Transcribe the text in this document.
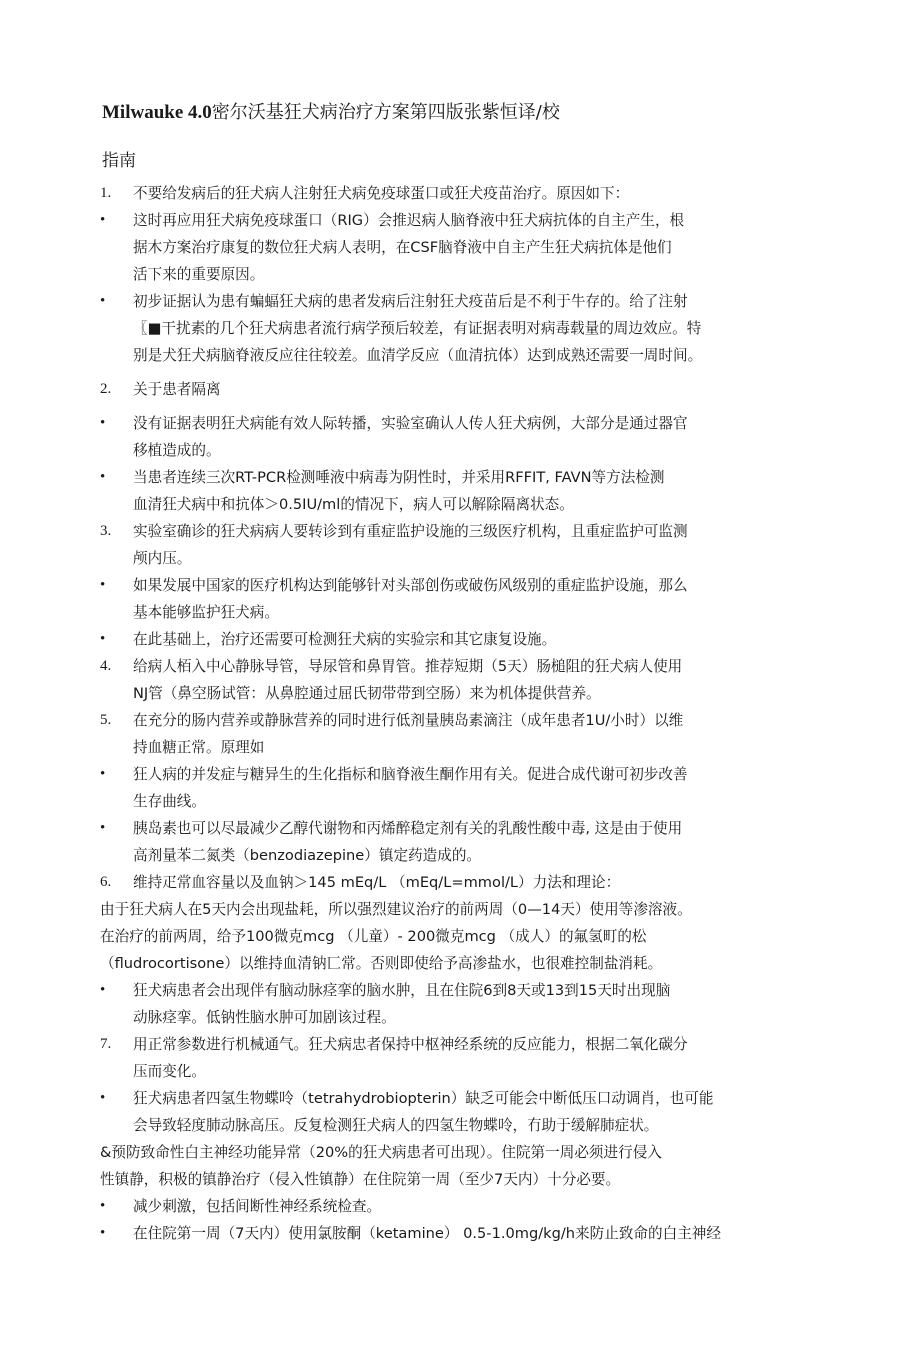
Milwauke 4.0密尔沃基狂犬病治疗方案第四版张紫恒译/校
指南
1.	不要给发病后的狂犬病人注射狂犬病免疫球蛋口或狂犬疫苗治疗。原因如下：
•	这时再应用狂犬病免疫球蛋口（RIG）会推迟病人脑脊液中狂犬病抗体的自主产生，根
据木方案治疗康复的数位狂犬病人表明，在CSF脑脊液中自主产生狂犬病抗体是他们
活下来的重要原因。
•	初步证据认为患有蝙蝠狂犬病的患者发病后注射狂犬疫苗后是不利于牛存的。给了注射
〖■干扰素的几个狂犬病患者流行病学预后较差，有证据表明对病毒载量的周边效应。特
别是犬狂犬病脑脊液反应往往较差。血清学反应（血清抗体）达到成熟还需要一周时间。
2.	关于患者隔离
•	没有证据表明狂犬病能有效人际转播，实验室确认人传人狂犬病例，大部分是通过器官
移植造成的。
•	当患者连续三次RT-PCR检测唾液中病毒为阴性时，并采用RFFIT, FAVN等方法检测
血清狂犬病中和抗体＞0.5IU/ml的情况下，病人可以解除隔离状态。
3.	实验室确诊的狂犬病病人要转诊到有重症监护设施的三级医疗机构，且重症监护可监测
颅内压。
•	如果发展中国家的医疗机构达到能够针对头部创伤或破伤风级别的重症监护设施，那么
基本能够监护狂犬病。
•	在此基础上，治疗还需要可检测狂犬病的实验宗和其它康复设施。
4.	给病人栢入中心静脉导管，导尿管和鼻胃管。推荐短期（5天）肠槌阻的狂犬病人使用
NJ管（鼻空肠试管：从鼻腔通过屈氏韧带带到空肠）来为机体提供营养。
5.	在充分的肠内营养或静脉营养的同时进行低剂量胰岛素滴注（成年患者1U/小时）以维
持血糖正常。原理如
•	狂人病的并发症与糖异生的生化指标和脑脊液生酮作用有关。促进合成代谢可初步改善
生存曲线。
•	胰岛素也可以尽最减少乙醇代谢物和丙烯醉稳定剂有关的乳酸性酸中毒, 这是由于使用
高剂量苯二氮类（benzodiazepine）镇定药造成的。
6.	维持疋常血容量以及血钠＞145 mEq/L （mEq/L=mmol/L）力法和理论：
由于狂犬病人在5天内会出现盐耗，所以强烈建议治疗的前两周（0—14天）使用等渗溶液。
在治疗的前两周，给予100微克mcg （儿童）- 200微克mcg （成人）的氟氢町的松
（fludrocortisone）以维持血清钠匸常。否则即使给予高渗盐水，也很难控制盐消耗。
•	狂犬病患者会出现伴有脑动脉痉挛的脑水肿，且在住院6到8天或13到15天时出现脑
动脉痉挛。低钠性脑水肿可加剧该过程。
7.	用正常参数进行机械通气。狂犬病忠者保持中枢神经系统的反应能力，根据二氧化碳分
压而变化。
•	狂犬病患者四氢生物蝶呤（tetrahydrobiopterin）缺乏可能会中断低压口动调肖，也可能
会导致轻度肺动脉高压。反复检测狂犬病人的四氢生物蝶呤，冇助于缓解肺症状。
&预防致命性白主神经功能异常（20%的狂犬病患者可出现）。住院第一周必须进行侵入
性镇静，积极的镇静治疗（侵入性镇静）在住院第一周（至少7天内）十分必要。
•	减少刺激，包括间断性神经系统检查。
•	在住院第一周（7天内）使用氯胺酮（ketamine） 0.5-1.0mg/kg/h来防止致命的白主神经
